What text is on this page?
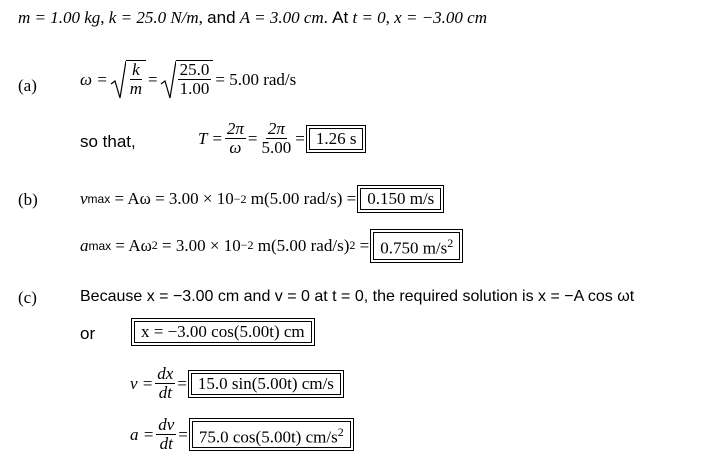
m = 1.00 kg , k = 25.0 N/m , and
A = 3.00 cm . At
t = 0 , x = −3.00 cm
(a)	$\omega = \frac{k}{m} = \frac{25.0}{1.00} = 5.00$ rad/s
so that,	$T = \frac{2\pi}{\omega} = \frac{2\pi}{5.00} = 1.26$ s
(b) v max
= Aω = 3.00 × 10 −2
m(5.00 rad/s) = 0.150 m/s
a max
= Aω 2
= 3.00 × 10 −2
m(5.00 rad/s) 2
= 0.750 $m/s^2$
(c)	Because x = −3.00 cm and v = 0 at t = 0, the required solution is x = −A cos ωt
or	x = −3.00 cos(5.00t) cm
$v = \frac{dx}{dt} = 15.0$ sin(5.00t) cm/s
$a = \frac{dv}{dt} = 75.0$ cos(5.00t) $cm/s^2$
